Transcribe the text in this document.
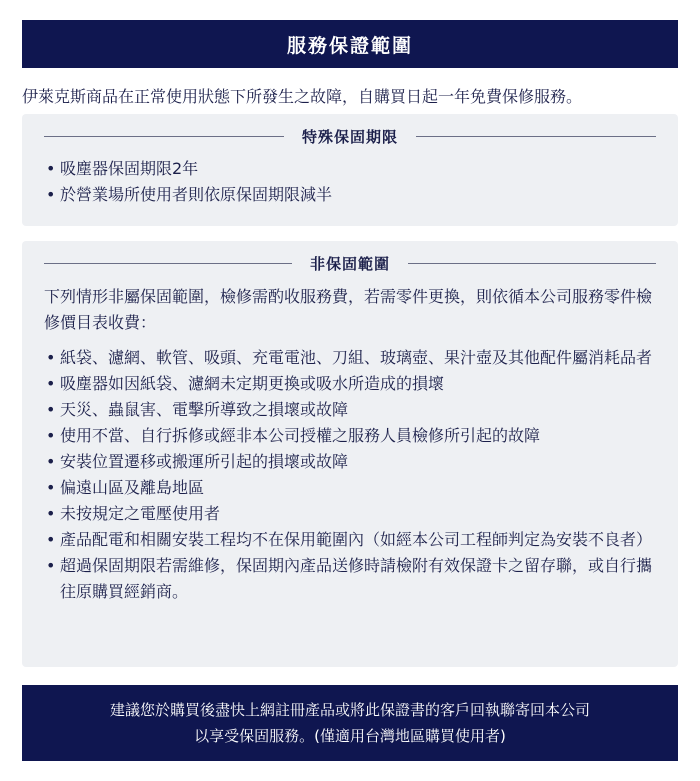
服務保證範圍
伊萊克斯商品在正常使用狀態下所發生之故障，自購買日起一年免費保修服務。
特殊保固期限
• 吸塵器保固期限2年
• 於營業場所使用者則依原保固期限減半
非保固範圍
下列情形非屬保固範圍，檢修需酌收服務費，若需零件更換，則依循本公司服務零件檢修價目表收費：
• 紙袋、濾網、軟管、吸頭、充電電池、刀組、玻璃壺、果汁壺及其他配件屬消耗品者
• 吸塵器如因紙袋、濾網未定期更換或吸水所造成的損壞
• 天災、蟲鼠害、電擊所導致之損壞或故障
• 使用不當、自行拆修或經非本公司授權之服務人員檢修所引起的故障
• 安裝位置遷移或搬運所引起的損壞或故障
• 偏遠山區及離島地區
• 未按規定之電壓使用者
• 產品配電和相關安裝工程均不在保用範圍內（如經本公司工程師判定為安裝不良者）
• 超過保固期限若需維修，保固期內產品送修時請檢附有效保證卡之留存聯，或自行攜往原購買經銷商。
建議您於購買後盡快上網註冊產品或將此保證書的客戶回執聯寄回本公司
以享受保固服務。(僅適用台灣地區購買使用者)
